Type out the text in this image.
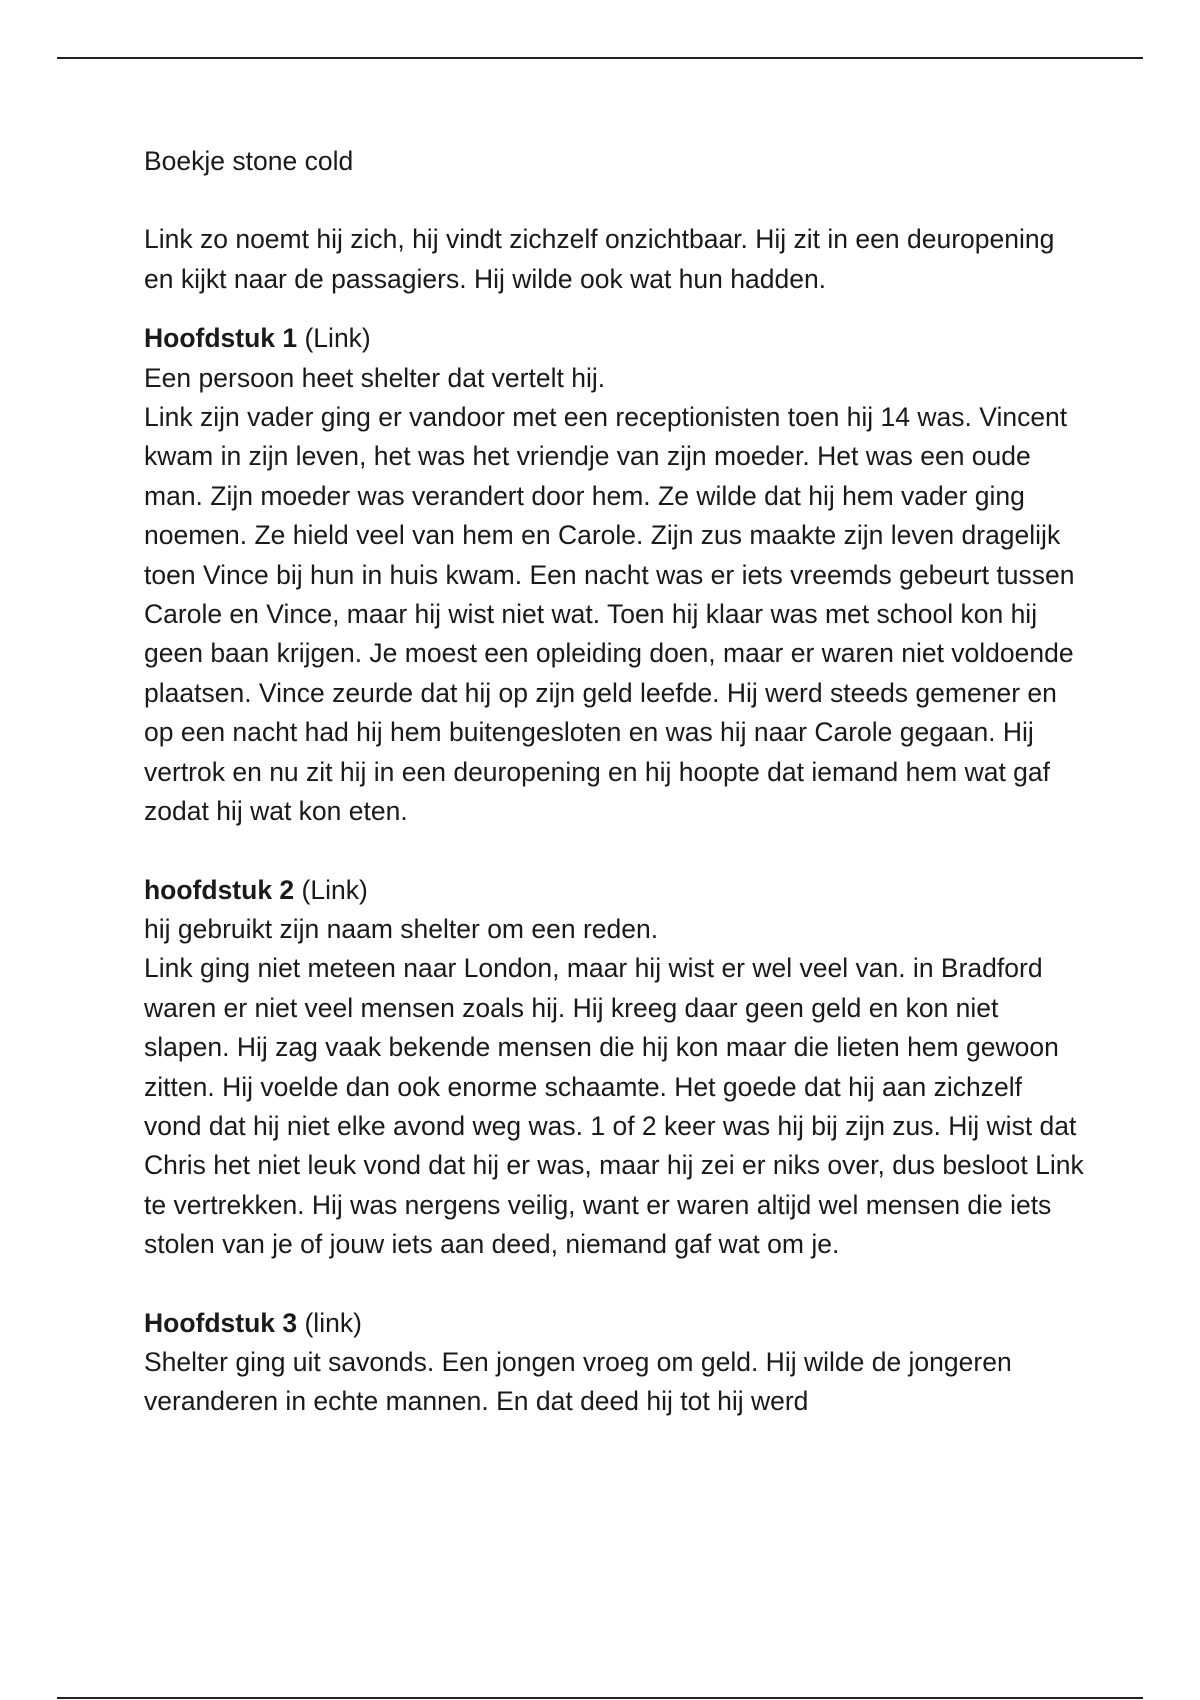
Boekje stone cold

Link zo noemt hij zich, hij vindt zichzelf onzichtbaar. Hij zit in een deuropening en kijkt naar de passagiers. Hij wilde ook wat hun hadden.

Hoofdstuk 1 (Link)

Een persoon heet shelter dat vertelt hij.

Link zijn vader ging er vandoor met een receptionisten toen hij 14 was. Vincent kwam in zijn leven, het was het vriendje van zijn moeder. Het was een oude man. Zijn moeder was verandert door hem. Ze wilde dat hij hem vader ging noemen. Ze hield veel van hem en Carole. Zijn zus maakte zijn leven dragelijk toen Vince bij hun in huis kwam. Een nacht was er iets vreemds gebeurt tussen Carole en Vince, maar hij wist niet wat. Toen hij klaar was met school kon hij geen baan krijgen. Je moest een opleiding doen, maar er waren niet voldoende plaatsen. Vince zeurde dat hij op zijn geld leefde. Hij werd steeds gemener en op een nacht had hij hem buitengesloten en was hij naar Carole gegaan. Hij vertrok en nu zit hij in een deuropening en hij hoopte dat iemand hem wat gaf zodat hij wat kon eten.

hoofdstuk 2 (Link)

hij gebruikt zijn naam shelter om een reden.

Link ging niet meteen naar London, maar hij wist er wel veel van. in Bradford waren er niet veel mensen zoals hij. Hij kreeg daar geen geld en kon niet slapen. Hij zag vaak bekende mensen die hij kon maar die lieten hem gewoon zitten. Hij voelde dan ook enorme schaamte. Het goede dat hij aan zichzelf vond dat hij niet elke avond weg was. 1 of 2 keer was hij bij zijn zus. Hij wist dat Chris het niet leuk vond dat hij er was, maar hij zei er niks over, dus besloot Link te vertrekken. Hij was nergens veilig, want er waren altijd wel mensen die iets stolen van je of jouw iets aan deed, niemand gaf wat om je.

Hoofdstuk 3 (link)

Shelter ging uit savonds. Een jongen vroeg om geld. Hij wilde de jongeren veranderen in echte mannen. En dat deed hij tot hij werd
